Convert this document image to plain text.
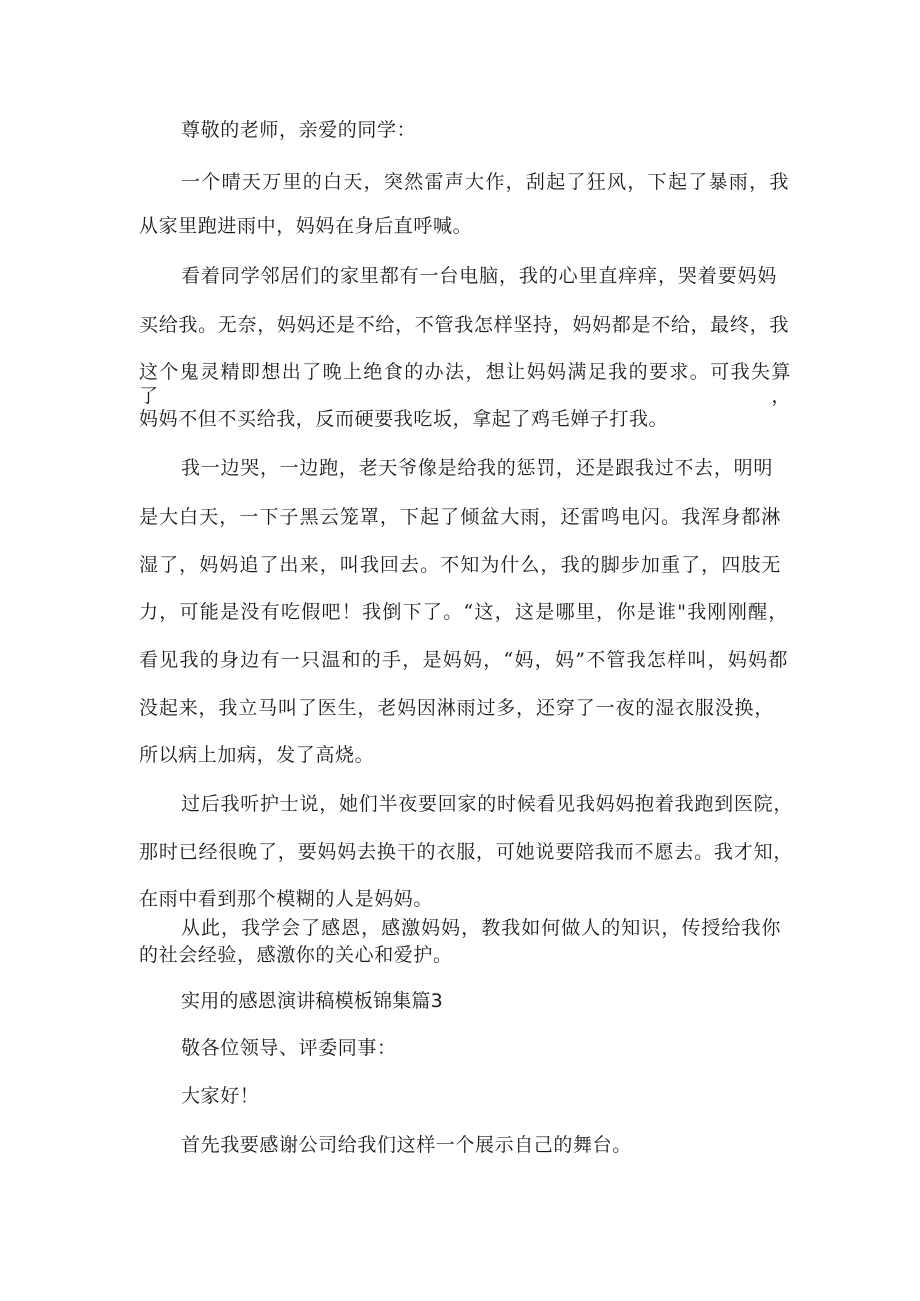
尊敬的老师，亲爱的同学：
一个晴天万里的白天，突然雷声大作，刮起了狂风，下起了暴雨，我
从家里跑进雨中，妈妈在身后直呼喊。
看着同学邻居们的家里都有一台电脑，我的心里直痒痒，哭着要妈妈
买给我。无奈，妈妈还是不给，不管我怎样坚持，妈妈都是不给，最终，我
这个鬼灵精即想出了晚上绝食的办法，想让妈妈满足我的要求。可我失算了，
妈妈不但不买给我，反而硬要我吃坂，拿起了鸡毛婵子打我。
我一边哭，一边跑，老天爷像是给我的惩罚，还是跟我过不去，明明
是大白天，一下子黑云笼罩，下起了倾盆大雨，还雷鸣电闪。我浑身都淋
湿了，妈妈追了出来，叫我回去。不知为什么，我的脚步加重了，四肢无
力，可能是没有吃假吧！我倒下了。“这，这是哪里，你是谁"我刚刚醒，
看见我的身边有一只温和的手，是妈妈，“妈，妈”不管我怎样叫，妈妈都
没起来，我立马叫了医生，老妈因淋雨过多，还穿了一夜的湿衣服没换，
所以病上加病，发了高烧。
过后我听护士说，她们半夜要回家的时候看见我妈妈抱着我跑到医院，
那时已经很晚了，要妈妈去换干的衣服，可她说要陪我而不愿去。我才知，
在雨中看到那个模糊的人是妈妈。
从此，我学会了感恩，感激妈妈，教我如何做人的知识，传授给我你
的社会经验，感激你的关心和爱护。
实用的感恩演讲稿模板锦集篇3
敬各位领导、评委同事：
大家好！
首先我要感谢公司给我们这样一个展示自己的舞台。
